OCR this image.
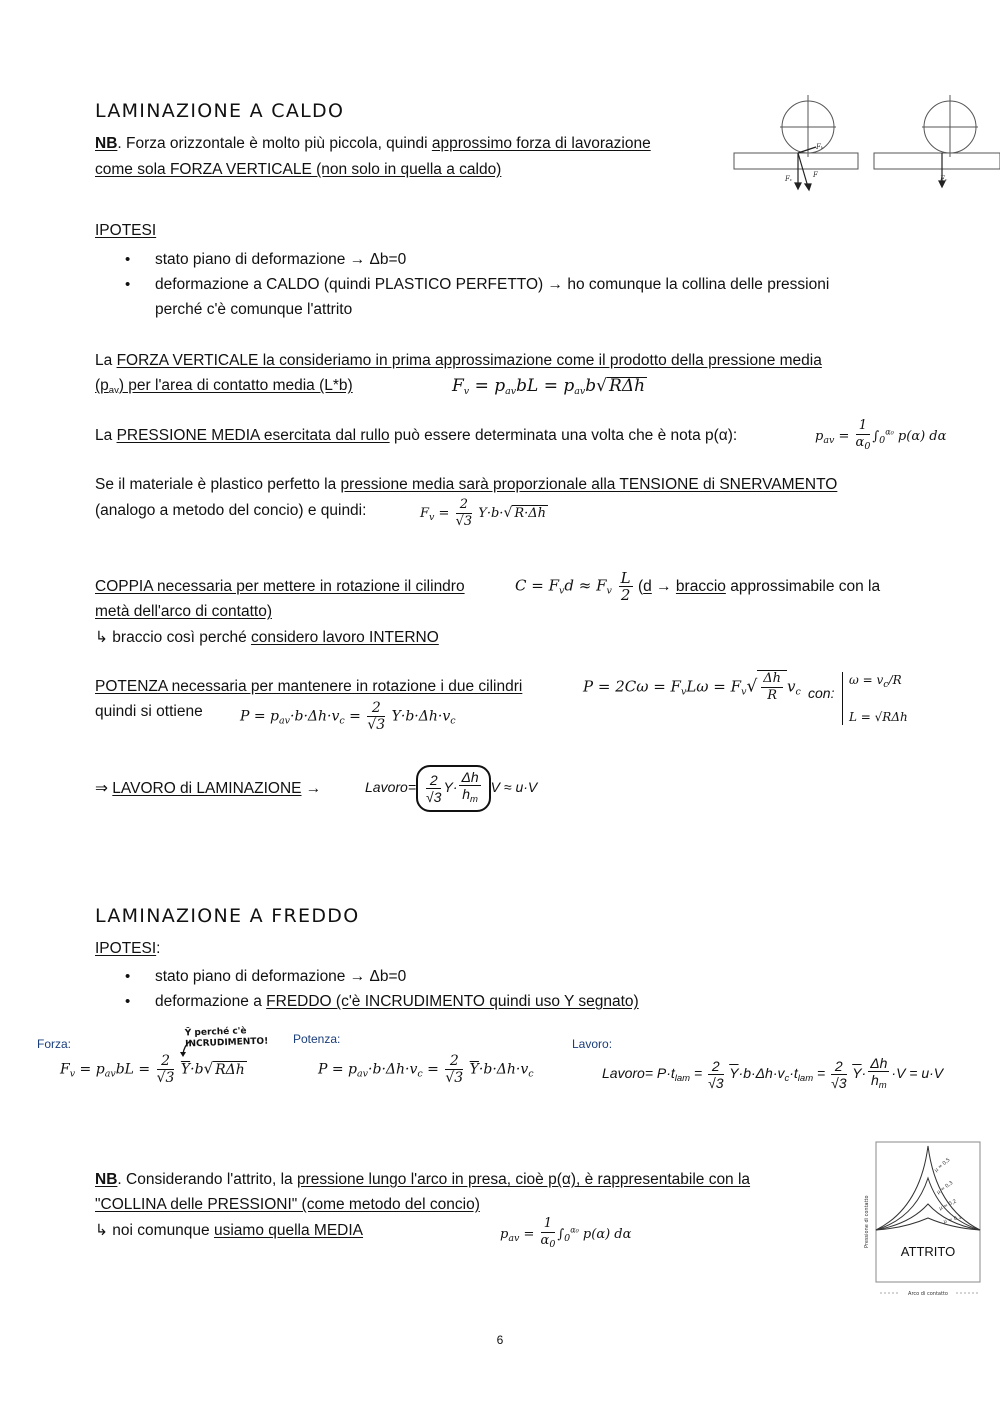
LAMINAZIONE A CALDO
NB. Forza orizzontale è molto più piccola, quindi approssimo forza di lavorazione
come sola FORZA VERTICALE (non solo in quella a caldo)
Fᵥ	F
Fₕ
Fᵥ
IPOTESI
• stato piano di deformazione → Δb=0
• deformazione a CALDO (quindi PLASTICO PERFETTO) → ho comunque la collina delle pressioni
perché c'è comunque l'attrito
La FORZA VERTICALE la consideriamo in prima approssimazione come il prodotto della pressione media
$(p_{av})$ per l'area di contatto media (L*b)	$F_v = p_{av}bL = p_{av}b√$ RΔh
La PRESSIONE MEDIA esercitata dal rullo può essere determinata una volta che è nota p(α):	$p_{av} = \frac{1}{\alpha_0} \int_0^{\alpha_0}$ p(α) dα
Se il materiale è plastico perfetto la pressione media sarà proporzionale alla TENSIONE di SNERVAMENTO
(analogo a metodo del concio) e quindi:	$F_v = \frac{2}{√3} Y\cdot b\cdot√$ R·Δh
COPPIA necessaria per mettere in rotazione il cilindro	$C = F_vd \approx F_v \frac{L}{2} (d$ → braccio approssimabile con la
metà dell'arco di contatto)
↳ braccio così perché considero lavoro INTERNO
POTENZA necessaria per mantenere in rotazione i due cilindri
quindi si ottiene
$P = 2C\omega = F_vL\omega = F_v√ \frac{\Delta h}{R} v_c$ con:
$\omega = v_c/R$

L = √RΔh
$P = p_{av}\cdot b\cdot\Delta h\cdot v_c = \frac{2}{√3} Y\cdot b\cdot\Delta h\cdot v_c$
⇒ LAVORO di LAMINAZIONE →	Lavoro= $\frac{2}{√3} Y\cdot \frac{\Delta h}{h_m}$ V ≈ u·V
LAMINAZIONE A FREDDO
IPOTESI:
• stato piano di deformazione → Δb=0
• deformazione a FREDDO (c'è INCRUDIMENTO quindi uso Y segnato)
Forza:	Potenza:	Lavoro:
Ȳ perché c'è
INCRUDIMENTO!
$F_v = p_{av}bL = \frac{2}{√3} \overline{Y}\cdot b√$ RΔh	$P = p_{av}\cdot b\cdot\Delta h\cdot v_c = \frac{2}{√3} \overline{Y}\cdot b\cdot\Delta h\cdot v_c$	Lavoro= $P\cdot t_{lam} = \frac{2}{√3} \overline{Y}\cdot b\cdot\Delta h\cdot v_c\cdot t_{lam} = \frac{2}{√3} \overline{Y}\cdot \frac{\Delta h}{h_m} \cdot V = u\cdot V$
NB. Considerando l'attrito, la pressione lungo l'arco in presa, cioè p(α), è rappresentabile con la
"COLLINA delle PRESSIONI" (come metodo del concio)
↳ noi comunque usiamo quella MEDIA	$p_{av} = \frac{1}{\alpha_0} \int_0^{\alpha_0}$ p(α) dα
μ = 0,5
μ = 0,3
μ = 0,2
μ = 0,1
Pressione di contatto
ATTRITO
Arco di contatto
6
